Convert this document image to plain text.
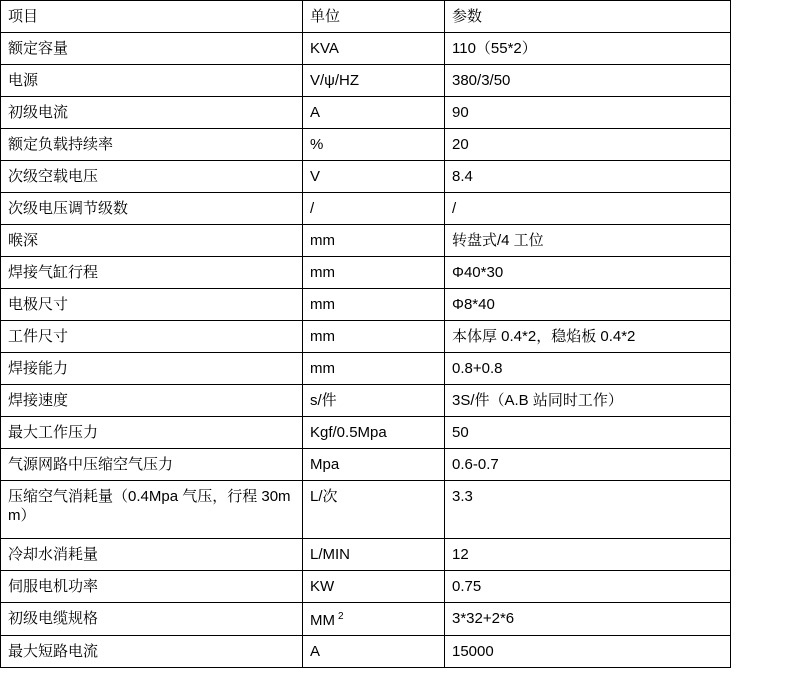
项目	单位	参数
额定容量	KVA	110（55*2）
电源	V/ψ/HZ	380/3/50
初级电流	A	90
额定负载持续率	%	20
次级空载电压	V	8.4
次级电压调节级数	/	/
喉深	mm	转盘式/4 工位
焊接气缸行程	mm	Φ40*30
电极尺寸	mm	Φ8*40
工件尺寸	mm	本体厚 0.4*2，稳焰板 0.4*2
焊接能力	mm	0.8+0.8
焊接速度	s/件	3S/件（A.B 站同时工作）
最大工作压力	Kgf/0.5Mpa	50
气源网路中压缩空气压力	Mpa	0.6-0.7
压缩空气消耗量（0.4Mpa 气压，行程 30mm）	L/次	3.3
冷却水消耗量	L/MIN	12
伺服电机功率	KW	0.75
初级电缆规格	MM $^2$	3*32+2*6
最大短路电流	A	15000
